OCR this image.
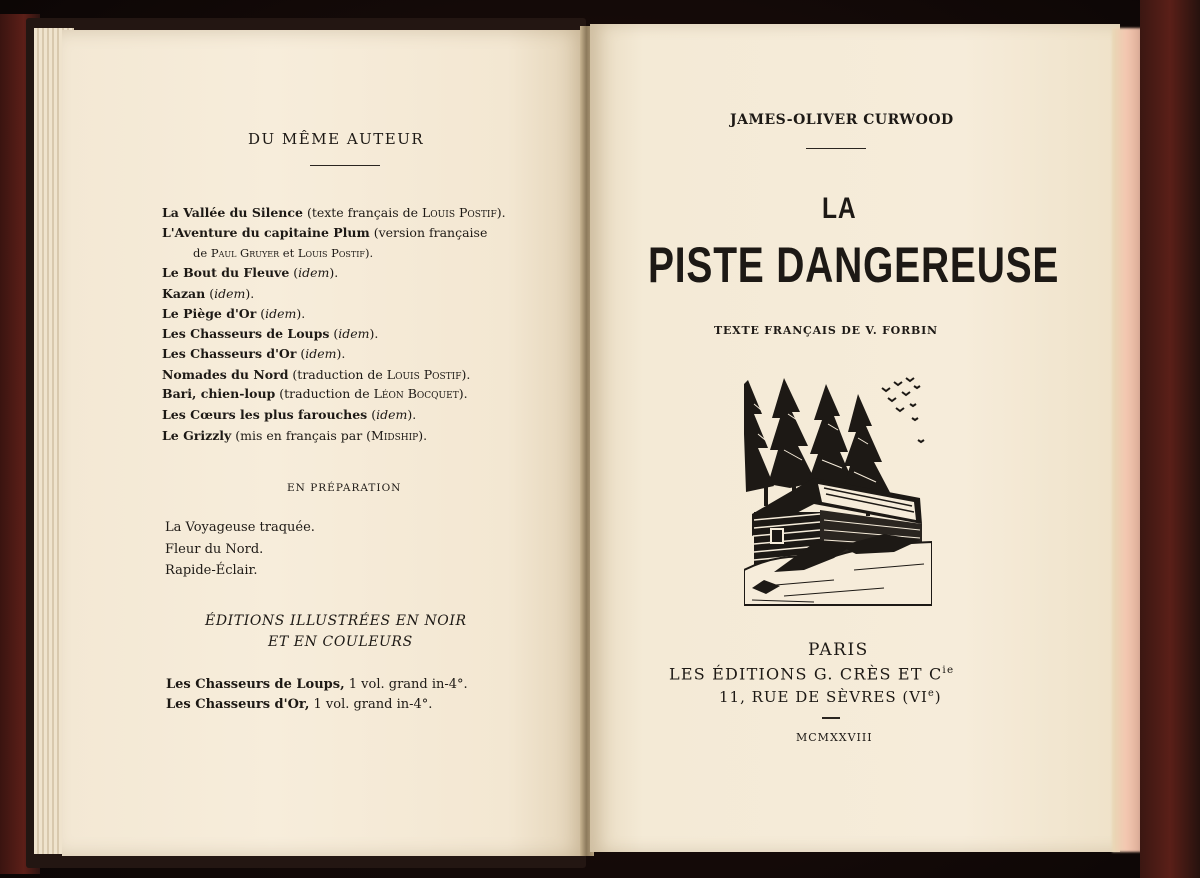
DU MÊME AUTEUR
La Vallée du Silence (texte français de Louis Postif).
L'Aventure du capitaine Plum (version française
de Paul Gruyer et Louis Postif).
Le Bout du Fleuve (idem).
Kazan (idem).
Le Piège d'Or (idem).
Les Chasseurs de Loups (idem).
Les Chasseurs d'Or (idem).
Nomades du Nord (traduction de Louis Postif).
Bari, chien-loup (traduction de Léon Bocquet).
Les Cœurs les plus farouches (idem).
Le Grizzly (mis en français par (Midship).
EN PRÉPARATION
La Voyageuse traquée.
Fleur du Nord.
Rapide-Éclair.
ÉDITIONS ILLUSTRÉES EN NOIR
ET EN COULEURS
Les Chasseurs de Loups, 1 vol. grand in-4°.
Les Chasseurs d'Or, 1 vol. grand in-4°.
JAMES-OLIVER CURWOOD
LA
PISTE DANGEREUSE
TEXTE FRANÇAIS DE V. FORBIN
PARIS
LES ÉDITIONS G. CRÈS ET $C^{ie}$
11, RUE DE SÈVRES (VIe)
MCMXXVIII
